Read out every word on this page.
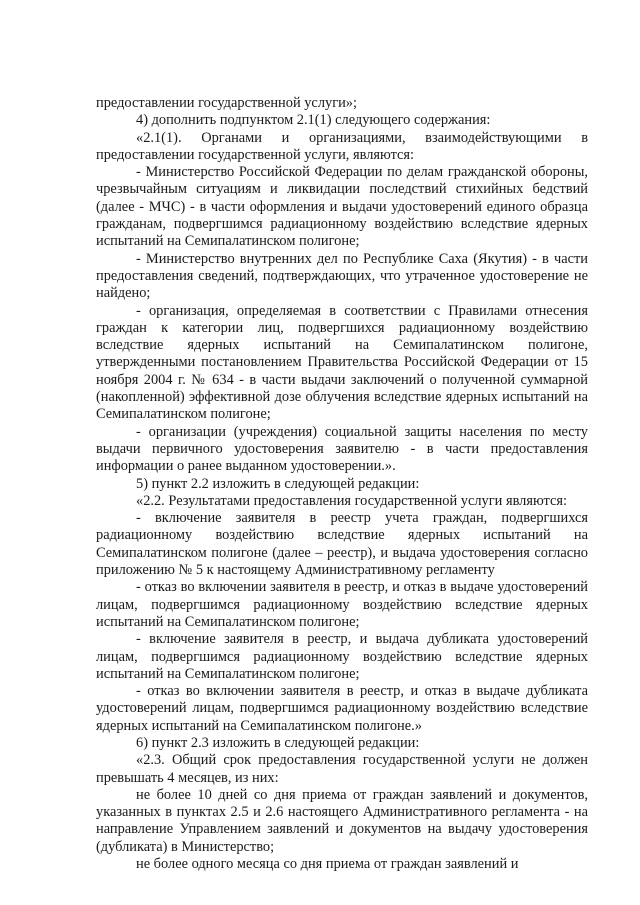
предоставлении государственной услуги»;

4) дополнить подпунктом 2.1(1) следующего содержания:

«2.1(1). Органами и организациями, взаимодействующими в предоставлении государственной услуги, являются:

- Министерство Российской Федерации по делам гражданской обороны, чрезвычайным ситуациям и ликвидации последствий стихийных бедствий (далее - МЧС) - в части оформления и выдачи удостоверений единого образца гражданам, подвергшимся радиационному воздействию вследствие ядерных испытаний на Семипалатинском полигоне;

- Министерство внутренних дел по Республике Саха (Якутия) - в части предоставления сведений, подтверждающих, что утраченное удостоверение не найдено;

- организация, определяемая в соответствии с Правилами отнесения граждан к категории лиц, подвергшихся радиационному воздействию вследствие ядерных испытаний на Семипалатинском полигоне, утвержденными постановлением Правительства Российской Федерации от 15 ноября 2004 г. № 634 - в части выдачи заключений о полученной суммарной (накопленной) эффективной дозе облучения вследствие ядерных испытаний на Семипалатинском полигоне;

- организации (учреждения) социальной защиты населения по месту выдачи первичного удостоверения заявителю - в части предоставления информации о ранее выданном удостоверении.».

5) пункт 2.2 изложить в следующей редакции:

«2.2. Результатами предоставления государственной услуги являются:

- включение заявителя в реестр учета граждан, подвергшихся радиационному воздействию вследствие ядерных испытаний на Семипалатинском полигоне (далее – реестр), и выдача удостоверения согласно приложению № 5 к настоящему Административному регламенту

- отказ во включении заявителя в реестр, и отказ в выдаче удостоверений лицам, подвергшимся радиационному воздействию вследствие ядерных испытаний на Семипалатинском полигоне;

- включение заявителя в реестр, и выдача дубликата удостоверений лицам, подвергшимся радиационному воздействию вследствие ядерных испытаний на Семипалатинском полигоне;

- отказ во включении заявителя в реестр, и отказ в выдаче дубликата удостоверений лицам, подвергшимся радиационному воздействию вследствие ядерных испытаний на Семипалатинском полигоне.»

6) пункт 2.3 изложить в следующей редакции:

«2.3. Общий срок предоставления государственной услуги не должен превышать 4 месяцев, из них:

не более 10 дней со дня приема от граждан заявлений и документов, указанных в пунктах 2.5 и 2.6 настоящего Административного регламента - на направление Управлением заявлений и документов на выдачу удостоверения (дубликата) в Министерство;

не более одного месяца со дня приема от граждан заявлений и
